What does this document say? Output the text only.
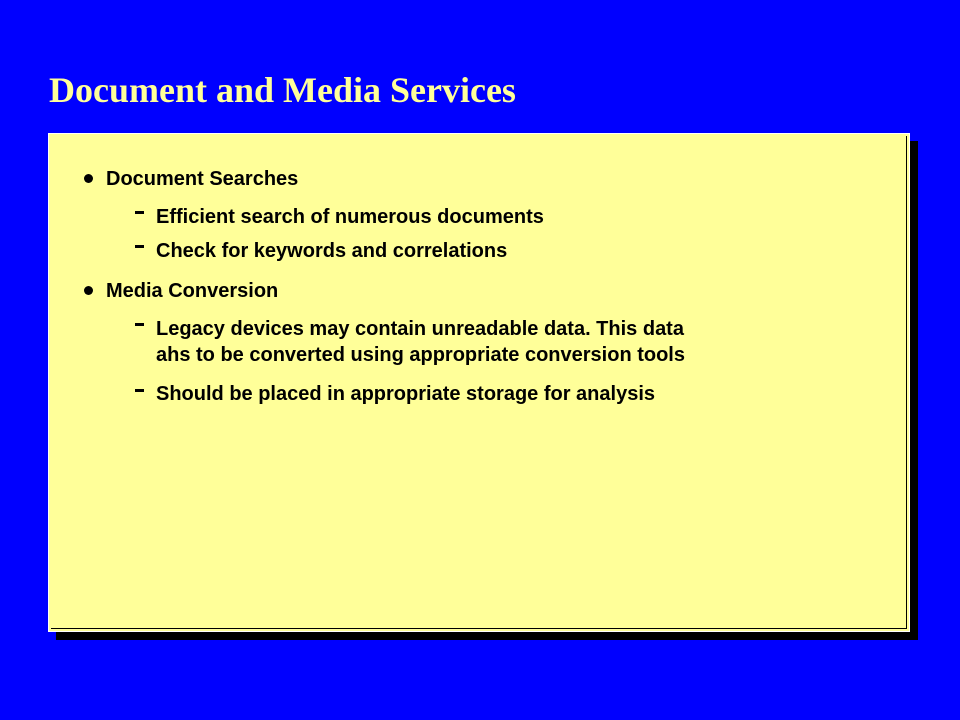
Document and Media Services
Document Searches
Efficient search of numerous documents
Check for keywords and correlations
Media Conversion
Legacy devices may contain unreadable data. This data
ahs to be converted using appropriate conversion tools
Should be placed in appropriate storage for analysis
